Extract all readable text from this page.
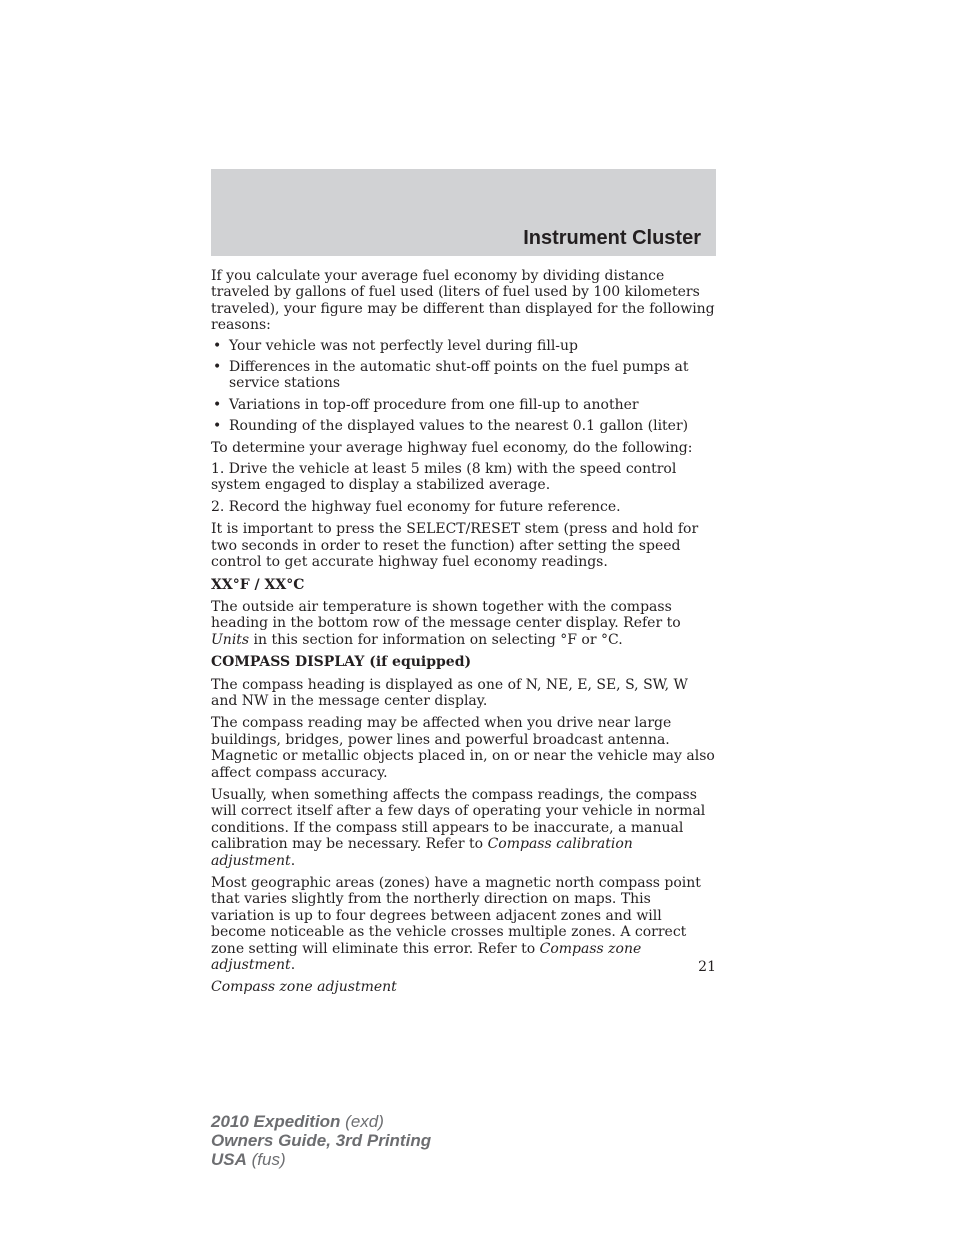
Instrument Cluster

If you calculate your average fuel economy by dividing distance traveled by gallons of fuel used (liters of fuel used by 100 kilometers traveled), your figure may be different than displayed for the following reasons:

• Your vehicle was not perfectly level during fill-up
• Differences in the automatic shut-off points on the fuel pumps at service stations
• Variations in top-off procedure from one fill-up to another
• Rounding of the displayed values to the nearest 0.1 gallon (liter)

To determine your average highway fuel economy, do the following:

1. Drive the vehicle at least 5 miles (8 km) with the speed control system engaged to display a stabilized average.

2. Record the highway fuel economy for future reference.

It is important to press the SELECT/RESET stem (press and hold for two seconds in order to reset the function) after setting the speed control to get accurate highway fuel economy readings.

XX°F / XX°C

The outside air temperature is shown together with the compass heading in the bottom row of the message center display. Refer to Units in this section for information on selecting °F or °C.

COMPASS DISPLAY (if equipped)

The compass heading is displayed as one of N, NE, E, SE, S, SW, W and NW in the message center display.

The compass reading may be affected when you drive near large buildings, bridges, power lines and powerful broadcast antenna. Magnetic or metallic objects placed in, on or near the vehicle may also affect compass accuracy.

Usually, when something affects the compass readings, the compass will correct itself after a few days of operating your vehicle in normal conditions. If the compass still appears to be inaccurate, a manual calibration may be necessary. Refer to Compass calibration adjustment.

Most geographic areas (zones) have a magnetic north compass point that varies slightly from the northerly direction on maps. This variation is up to four degrees between adjacent zones and will become noticeable as the vehicle crosses multiple zones. A correct zone setting will eliminate this error. Refer to Compass zone adjustment.

Compass zone adjustment

21
2010 Expedition (exd)
Owners Guide, 3rd Printing
USA (fus)
